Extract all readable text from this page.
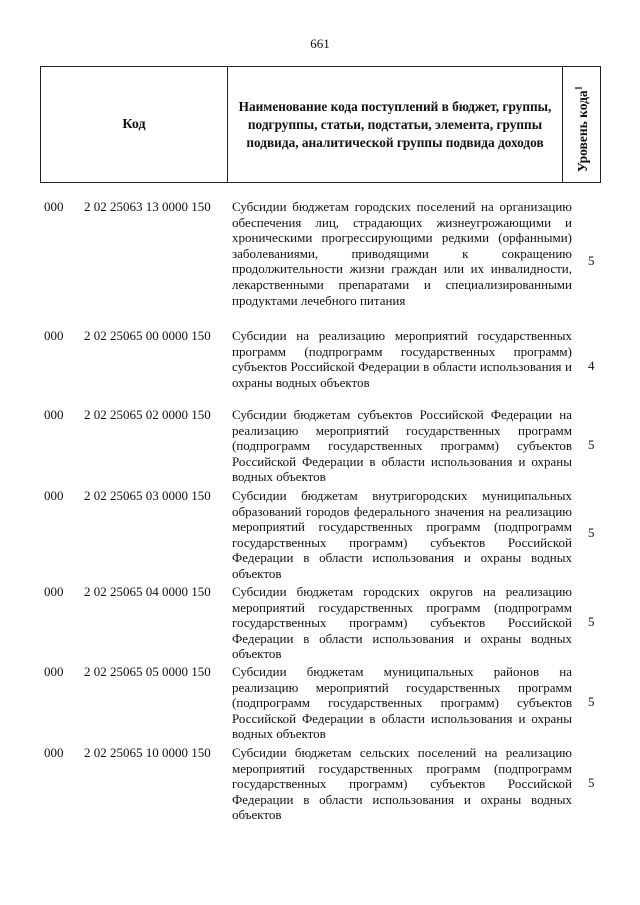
661
Код
Наименование кода поступлений в бюджет, группы, подгруппы, статьи, подстатьи, элемента, группы подвида, аналитической группы подвида доходов	Уровень кода$^1$
000 2 02 25063 13 0000 150 Субсидии бюджетам городских поселений на организацию обеспечения лиц, страдающих жизнеугрожающими и хроническими прогрессирующими редкими (орфанными) заболеваниями, приводящими к сокращению продолжительности жизни граждан или их инвалидности, лекарственными препаратами и специализированными продуктами лечебного питания
5
000 2 02 25065 00 0000 150 Субсидии на реализацию мероприятий государственных программ (подпрограмм государственных программ) субъектов Российской Федерации в области использования и охраны водных объектов
4
000 2 02 25065 02 0000 150 Субсидии бюджетам субъектов Российской Федерации на реализацию мероприятий государственных программ (подпрограмм государственных программ) субъектов Российской Федерации в области использования и охраны водных объектов
5
000 2 02 25065 03 0000 150 Субсидии бюджетам внутригородских муниципальных образований городов федерального значения на реализацию мероприятий государственных программ (подпрограмм государственных программ) субъектов Российской Федерации в области использования и охраны водных объектов
5
000 2 02 25065 04 0000 150 Субсидии бюджетам городских округов на реализацию мероприятий государственных программ (подпрограмм государственных программ) субъектов Российской Федерации в области использования и охраны водных объектов
5
000 2 02 25065 05 0000 150 Субсидии бюджетам муниципальных районов на реализацию мероприятий государственных программ (подпрограмм государственных программ) субъектов Российской Федерации в области использования и охраны водных объектов
5
000 2 02 25065 10 0000 150 Субсидии бюджетам сельских поселений на реализацию мероприятий государственных программ (подпрограмм государственных программ) субъектов Российской Федерации в области использования и охраны водных объектов
5
